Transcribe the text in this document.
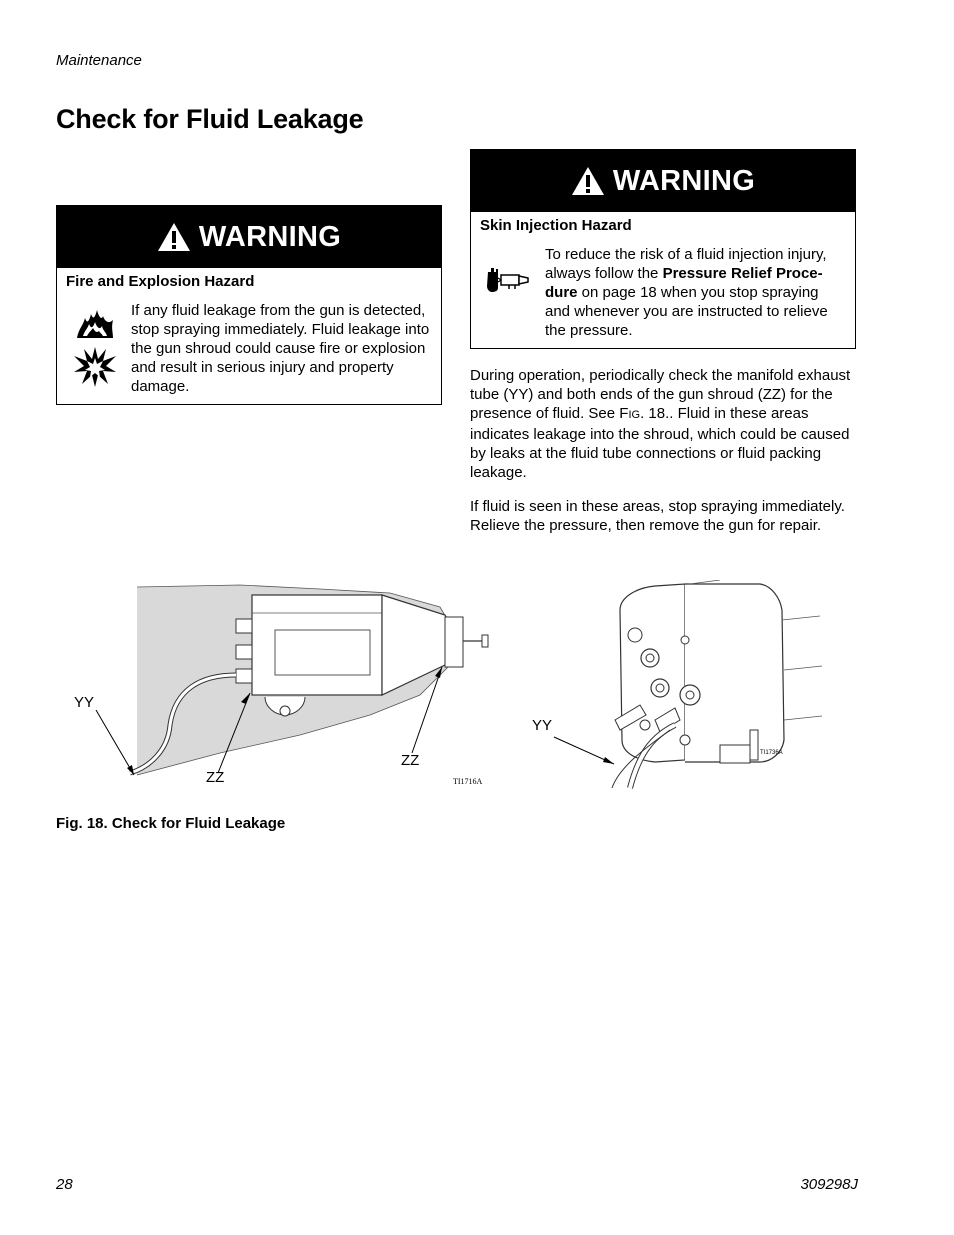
Maintenance
Check for Fluid Leakage
WARNING
Fire and Explosion Hazard
If any fluid leakage from the gun is detected, stop spraying immediately. Fluid leakage into the gun shroud could cause fire or explosion and result in serious injury and property damage.
WARNING
Skin Injection Hazard
To reduce the risk of a fluid injection injury, always follow the Pressure Relief Proce- dure on page 18 when you stop spraying and whenever you are instructed to relieve the pressure.
During operation, periodically check the manifold exhaust tube (YY) and both ends of the gun shroud (ZZ) for the presence of fluid. See FIG. 18.. Fluid in these areas indicates leakage into the shroud, which could be caused by leaks at the fluid tube connections or fluid packing leakage.
If fluid is seen in these areas, stop spraying immediately. Relieve the pressure, then remove the gun for repair.
YY
ZZ
ZZ
TI1716A
YY
TI1736A
Fig. 18. Check for Fluid Leakage
28	309298J
